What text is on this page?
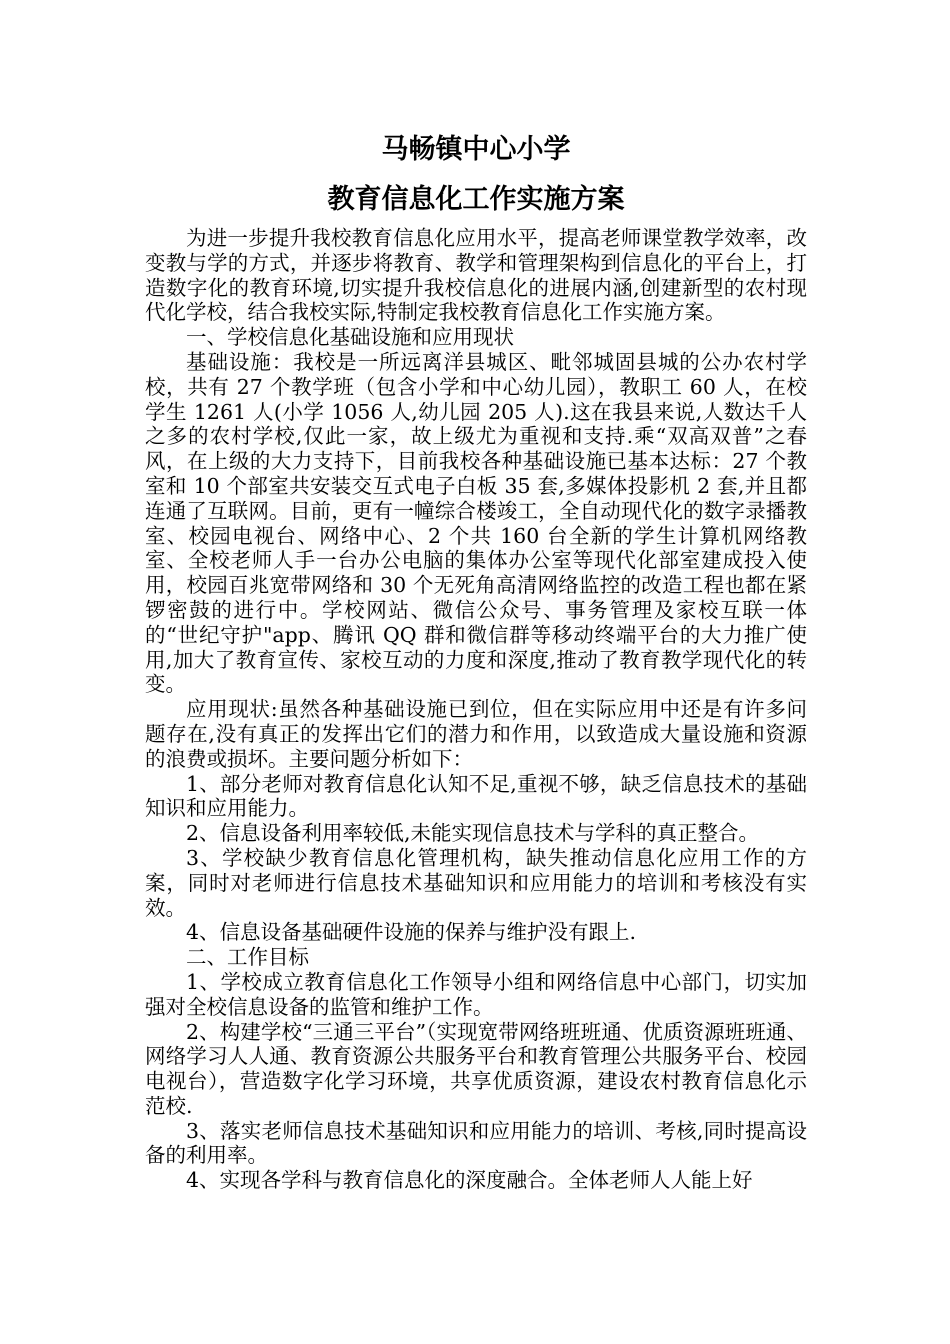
马畅镇中心小学
教育信息化工作实施方案

为进一步提升我校教育信息化应用水平，提高老师课堂教学效率，改变教与学的方式，并逐步将教育、教学和管理架构到信息化的平台上，打造数字化的教育环境,切实提升我校信息化的进展内涵,创建新型的农村现代化学校，结合我校实际,特制定我校教育信息化工作实施方案。

一、学校信息化基础设施和应用现状

基础设施：我校是一所远离洋县城区、毗邻城固县城的公办农村学校，共有 27 个教学班（包含小学和中心幼儿园），教职工 60 人，在校学生 1261 人(小学 1056 人,幼儿园 205 人).这在我县来说,人数达千人之多的农村学校,仅此一家，故上级尤为重视和支持.乘“双高双普”之春风，在上级的大力支持下，目前我校各种基础设施已基本达标：27 个教室和 10 个部室共安装交互式电子白板 35 套,多媒体投影机 2 套,并且都连通了互联网。目前，更有一幢综合楼竣工，全自动现代化的数字录播教室、校园电视台、网络中心、2 个共 160 台全新的学生计算机网络教室、全校老师人手一台办公电脑的集体办公室等现代化部室建成投入使用，校园百兆宽带网络和 30 个无死角高清网络监控的改造工程也都在紧锣密鼓的进行中。学校网站、微信公众号、事务管理及家校互联一体的“世纪守护"app、腾讯 QQ 群和微信群等移动终端平台的大力推广使用,加大了教育宣传、家校互动的力度和深度,推动了教育教学现代化的转变。

应用现状:虽然各种基础设施已到位，但在实际应用中还是有许多问题存在,没有真正的发挥出它们的潜力和作用，以致造成大量设施和资源的浪费或损坏。主要问题分析如下：

1、部分老师对教育信息化认知不足,重视不够，缺乏信息技术的基础知识和应用能力。

2、信息设备利用率较低,未能实现信息技术与学科的真正整合。

3、学校缺少教育信息化管理机构，缺失推动信息化应用工作的方案，同时对老师进行信息技术基础知识和应用能力的培训和考核没有实效。

4、信息设备基础硬件设施的保养与维护没有跟上.

二、工作目标

1、学校成立教育信息化工作领导小组和网络信息中心部门，切实加强对全校信息设备的监管和维护工作。

2、构建学校“三通三平台”（实现宽带网络班班通、优质资源班班通、网络学习人人通、教育资源公共服务平台和教育管理公共服务平台、校园电视台），营造数字化学习环境，共享优质资源，建设农村教育信息化示范校.

3、落实老师信息技术基础知识和应用能力的培训、考核,同时提高设备的利用率。

4、实现各学科与教育信息化的深度融合。全体老师人人能上好
